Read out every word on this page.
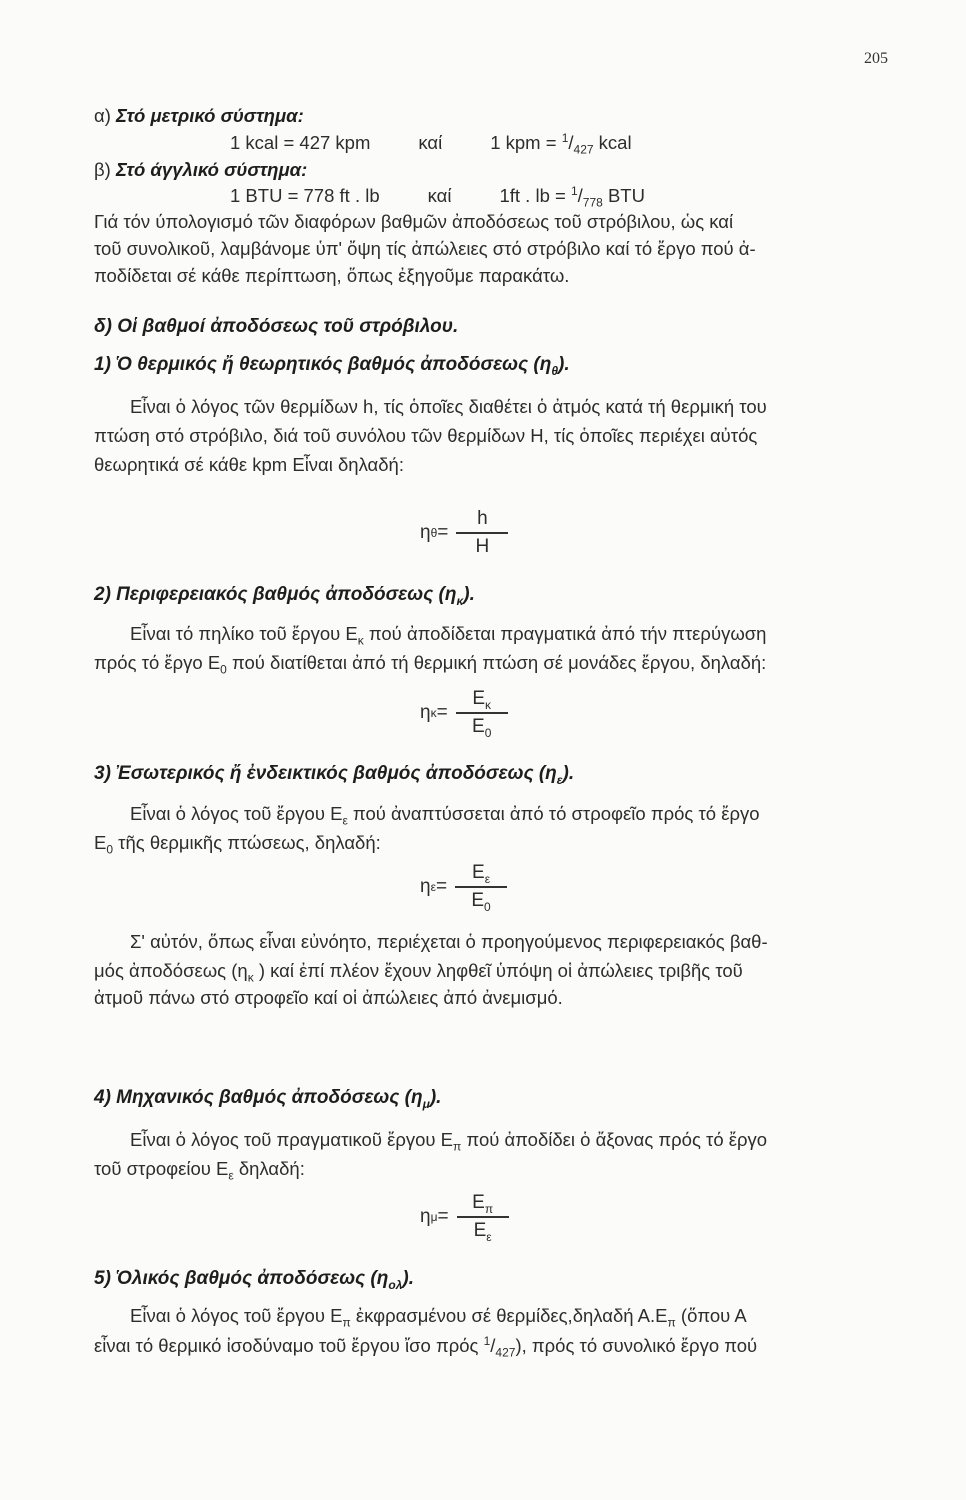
205
α) Στό μετρικό σύστημα:
1 kcal = 427 kpm	καί	1 kpm = $^1/_{427}$ kcal
β) Στό άγγλικό σύστημα:
1 BTU = 778 ft . lb	καί	1ft . lb = $^1/_{778}$ BTU
Γιά τόν ύπολογισμό τῶν διαφόρων βαθμῶν ἀποδόσεως τοῦ στρόβιλου, ὡς καί
τοῦ συνολικοῦ, λαμβάνομε ὑπ' ὄψη τίς ἀπώλειες στό στρόβιλο καί τό ἔργο πού ἀ-
ποδίδεται σέ κάθε περίπτωση, ὅπως ἐξηγοῦμε παρακάτω.
δ) Οἱ βαθμοί ἀποδόσεως τοῦ στρόβιλου.
1) Ὁ θερμικός ἤ θεωρητικός βαθμός ἀποδόσεως $(\eta_\theta)$.
Εἶναι ὁ λόγος τῶν θερμίδων h, τίς ὁποῖες διαθέτει ὁ ἀτμός κατά τή θερμική του
πτώση στό στρόβιλο, διά τοῦ συνόλου τῶν θερμίδων Η, τίς ὁποῖες περιέχει αὐτός
θεωρητικά σέ κάθε kpm Εἶναι δηλαδή:
η $\theta = \frac{h}{H}$
2) Περιφερειακός βαθμός ἀποδόσεως $(\eta_\kappa)$.
Εἶναι τό πηλίκο τοῦ ἔργου $E_\kappa$ πού ἀποδίδεται πραγματικά ἀπό τήν πτερύγωση
πρός τό ἔργο $E_0$ πού διατίθεται ἀπό τή θερμική πτώση σέ μονάδες ἔργου, δηλαδή:
η $\kappa = \frac{E_\kappa}{E_0}$
3) Ἐσωτερικός ἤ ἐνδεικτικός βαθμός ἀποδόσεως $(\eta_\varepsilon)$.
Εἶναι ὁ λόγος τοῦ ἔργου $E_\varepsilon$ πού ἀναπτύσσεται ἀπό τό στροφεῖο πρός τό ἔργο
$E_0$ τῆς θερμικῆς πτώσεως, δηλαδή:
η $\varepsilon = \frac{E_\varepsilon}{E_0}$
Σ' αὐτόν, ὅπως εἶναι εὐνόητο, περιέχεται ὁ προηγούμενος περιφερειακός βαθ-
μός ἀποδόσεως ($\eta_\kappa$ ) καί ἐπί πλέον ἔχουν ληφθεῖ ὑπόψη οἱ ἀπώλειες τριβῆς τοῦ
ἀτμοῦ πάνω στό στροφεῖο καί οἱ ἀπώλειες ἀπό ἀνεμισμό.
4) Μηχανικός βαθμός ἀποδόσεως $(\eta_\mu)$.
Εἶναι ὁ λόγος τοῦ πραγματικοῦ ἔργου $E_\pi$ πού ἀποδίδει ὁ ἄξονας πρός τό ἔργο
τοῦ στροφείου $E_\varepsilon$ δηλαδή:
η $\mu = \frac{E_\pi}{E_\varepsilon}$
5) Ὁλικός βαθμός ἀποδόσεως $(\eta_{o\lambda})$.
Εἶναι ὁ λόγος τοῦ ἔργου $E_\pi$ ἐκφρασμένου σέ θερμίδες,δηλαδή $A.E_\pi$ (ὅπου Α
εἶναι τό θερμικό ἰσοδύναμο τοῦ ἔργου ἴσο πρός $^1/_{427}$), πρός τό συνολικό ἔργο πού
